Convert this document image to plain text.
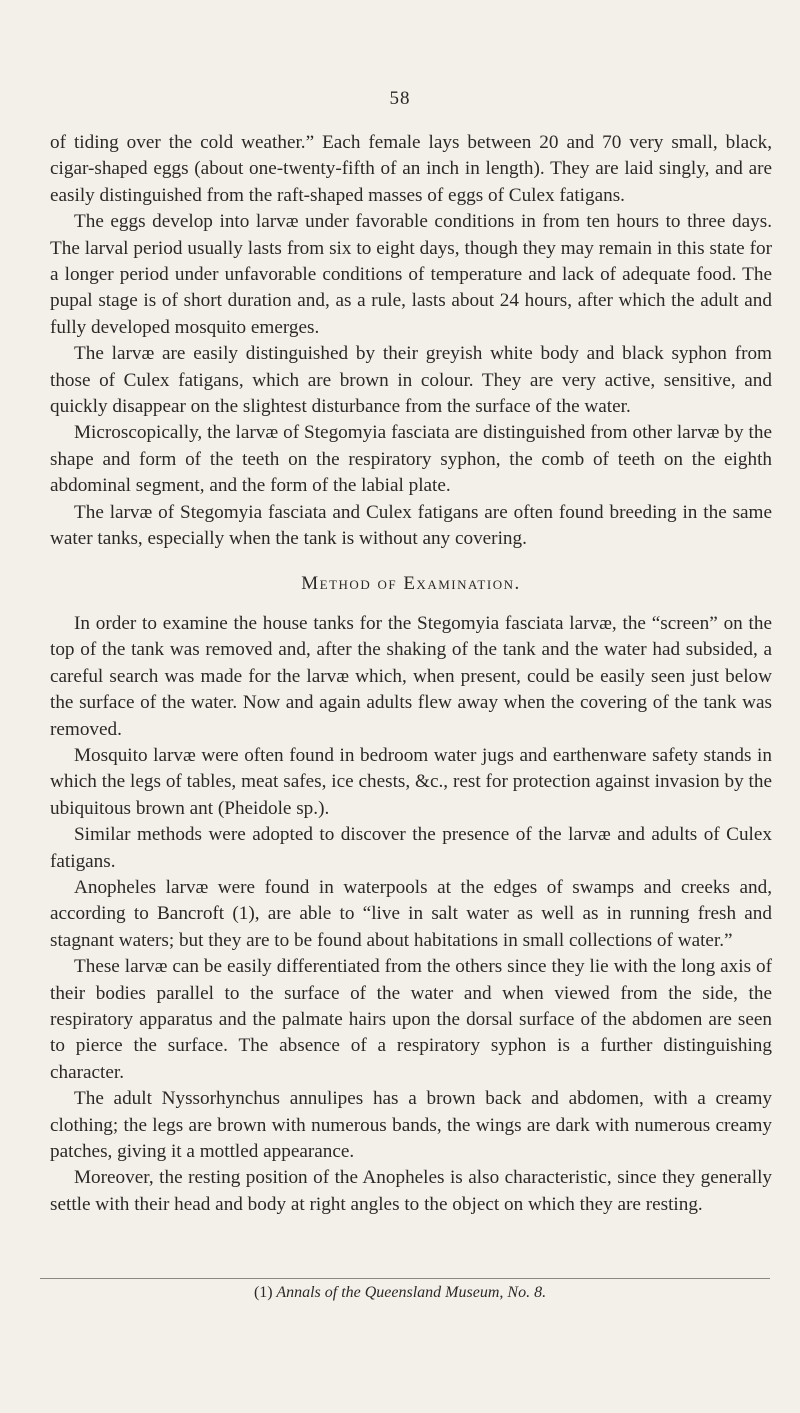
58

of tiding over the cold weather.” Each female lays between 20 and 70 very small, black, cigar-shaped eggs (about one-twenty-fifth of an inch in length). They are laid singly, and are easily distinguished from the raft-shaped masses of eggs of Culex fatigans.

The eggs develop into larvæ under favorable conditions in from ten hours to three days. The larval period usually lasts from six to eight days, though they may remain in this state for a longer period under unfavorable conditions of temperature and lack of adequate food. The pupal stage is of short duration and, as a rule, lasts about 24 hours, after which the adult and fully developed mosquito emerges.

The larvæ are easily distinguished by their greyish white body and black syphon from those of Culex fatigans, which are brown in colour. They are very active, sensitive, and quickly disappear on the slightest disturbance from the surface of the water.

Microscopically, the larvæ of Stegomyia fasciata are distinguished from other larvæ by the shape and form of the teeth on the respiratory syphon, the comb of teeth on the eighth abdominal segment, and the form of the labial plate.

The larvæ of Stegomyia fasciata and Culex fatigans are often found breeding in the same water tanks, especially when the tank is without any covering.

Method of Examination.

In order to examine the house tanks for the Stegomyia fasciata larvæ, the “screen” on the top of the tank was removed and, after the shaking of the tank and the water had subsided, a careful search was made for the larvæ which, when present, could be easily seen just below the surface of the water. Now and again adults flew away when the covering of the tank was removed.

Mosquito larvæ were often found in bedroom water jugs and earthenware safety stands in which the legs of tables, meat safes, ice chests, &c., rest for protection against invasion by the ubiquitous brown ant (Pheidole sp.).

Similar methods were adopted to discover the presence of the larvæ and adults of Culex fatigans.

Anopheles larvæ were found in waterpools at the edges of swamps and creeks and, according to Bancroft (1), are able to “live in salt water as well as in running fresh and stagnant waters; but they are to be found about habitations in small collections of water.”

These larvæ can be easily differentiated from the others since they lie with the long axis of their bodies parallel to the surface of the water and when viewed from the side, the respiratory apparatus and the palmate hairs upon the dorsal surface of the abdomen are seen to pierce the surface. The absence of a respiratory syphon is a further distinguishing character.

The adult Nyssorhynchus annulipes has a brown back and abdomen, with a creamy clothing; the legs are brown with numerous bands, the wings are dark with numerous creamy patches, giving it a mottled appearance.

Moreover, the resting position of the Anopheles is also characteristic, since they generally settle with their head and body at right angles to the object on which they are resting.

(1) Annals of the Queensland Museum, No. 8.
